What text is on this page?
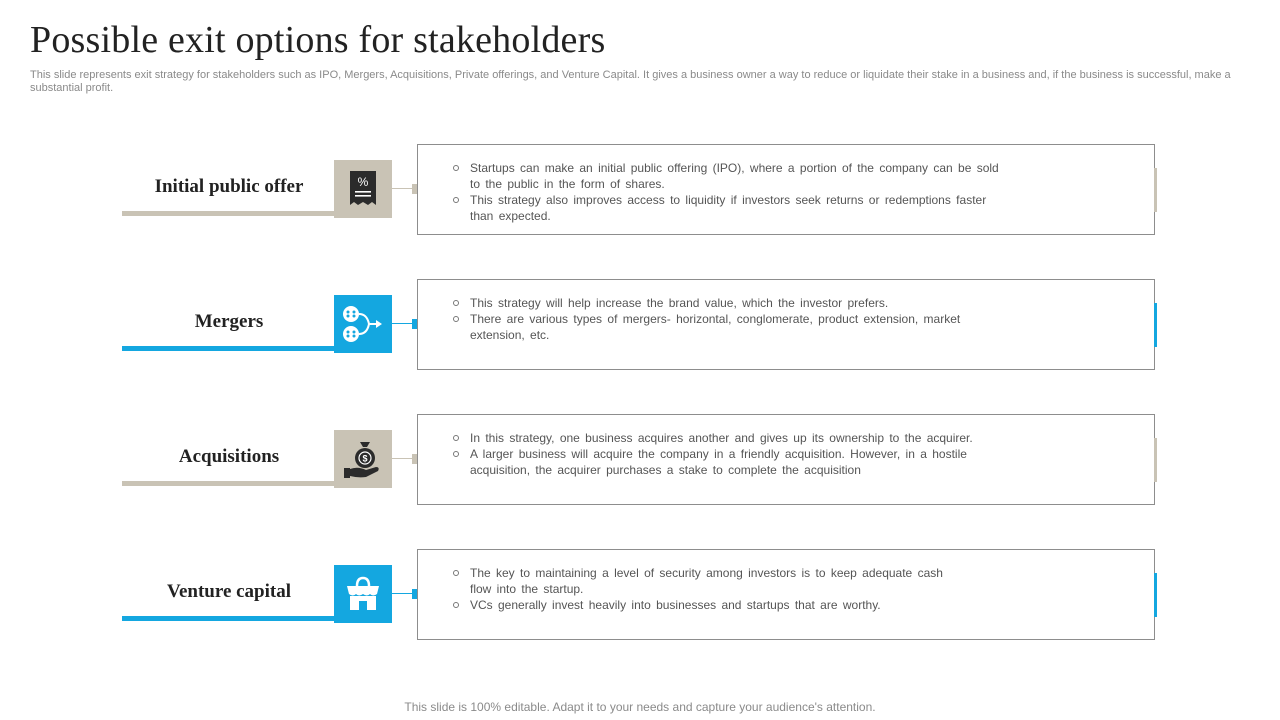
Possible exit options for stakeholders

This slide represents exit strategy for stakeholders such as IPO, Mergers, Acquisitions, Private offerings, and Venture Capital. It gives a business owner a way to reduce or liquidate their stake in a business and, if the business is successful, make a substantial profit.

Initial public offer	%
Startups can make an initial public offering (IPO), where a portion of the company can be sold to the public in the form of shares.
This strategy also improves access to liquidity if investors seek returns or redemptions faster than expected.
Mergers
This strategy will help increase the brand value, which the investor prefers.
There are various types of mergers- horizontal, conglomerate, product extension, market extension, etc.
Acquisitions	$
In this strategy, one business acquires another and gives up its ownership to the acquirer.
A larger business will acquire the company in a friendly acquisition. However, in a hostile acquisition, the acquirer purchases a stake to complete the acquisition
Venture capital
The key to maintaining a level of security among investors is to keep adequate cash flow into the startup.
VCs generally invest heavily into businesses and startups that are worthy.
This slide is 100% editable. Adapt it to your needs and capture your audience's attention.
